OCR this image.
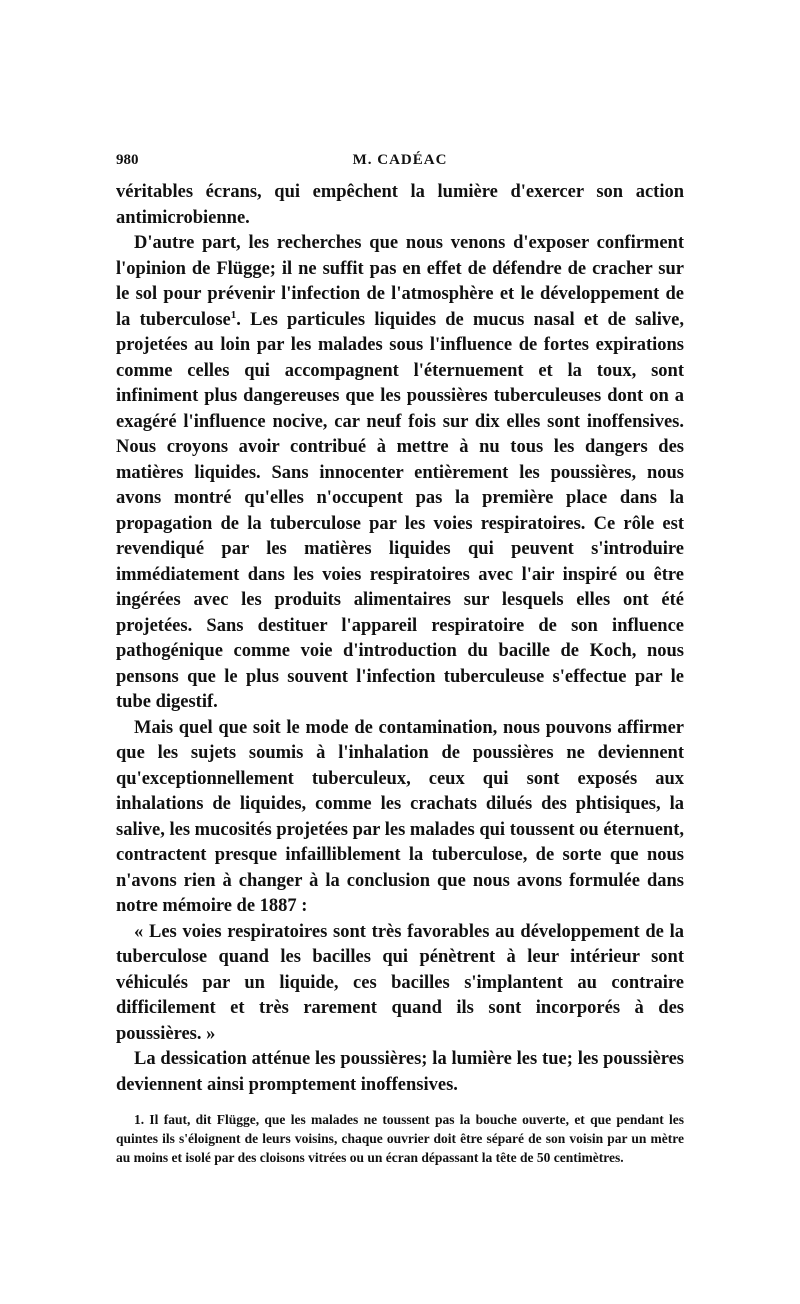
980	M. CADÉAC

véritables écrans, qui empêchent la lumière d'exercer son action antimicrobienne.

D'autre part, les recherches que nous venons d'exposer confirment l'opinion de Flügge; il ne suffit pas en effet de défendre de cracher sur le sol pour prévenir l'infection de l'atmosphère et le développement de la tuberculose$^1$. Les particules liquides de mucus nasal et de salive, projetées au loin par les malades sous l'influence de fortes expirations comme celles qui accompagnent l'éternuement et la toux, sont infiniment plus dangereuses que les poussières tuberculeuses dont on a exagéré l'influence nocive, car neuf fois sur dix elles sont inoffensives. Nous croyons avoir contribué à mettre à nu tous les dangers des matières liquides. Sans innocenter entièrement les poussières, nous avons montré qu'elles n'occupent pas la première place dans la propagation de la tuberculose par les voies respiratoires. Ce rôle est revendiqué par les matières liquides qui peuvent s'introduire immédiatement dans les voies respiratoires avec l'air inspiré ou être ingérées avec les produits alimentaires sur lesquels elles ont été projetées. Sans destituer l'appareil respiratoire de son influence pathogénique comme voie d'introduction du bacille de Koch, nous pensons que le plus souvent l'infection tuberculeuse s'effectue par le tube digestif.

Mais quel que soit le mode de contamination, nous pouvons affirmer que les sujets soumis à l'inhalation de poussières ne deviennent qu'exceptionnellement tuberculeux, ceux qui sont exposés aux inhalations de liquides, comme les crachats dilués des phtisiques, la salive, les mucosités projetées par les malades qui toussent ou éternuent, contractent presque infailliblement la tuberculose, de sorte que nous n'avons rien à changer à la conclusion que nous avons formulée dans notre mémoire de 1887 :

« Les voies respiratoires sont très favorables au développement de la tuberculose quand les bacilles qui pénètrent à leur intérieur sont véhiculés par un liquide, ces bacilles s'implantent au contraire difficilement et très rarement quand ils sont incorporés à des poussières. »

La dessication atténue les poussières; la lumière les tue; les poussières deviennent ainsi promptement inoffensives.

1. Il faut, dit Flügge, que les malades ne toussent pas la bouche ouverte, et que pendant les quintes ils s'éloignent de leurs voisins, chaque ouvrier doit être séparé de son voisin par un mètre au moins et isolé par des cloisons vitrées ou un écran dépassant la tête de 50 centimètres.
